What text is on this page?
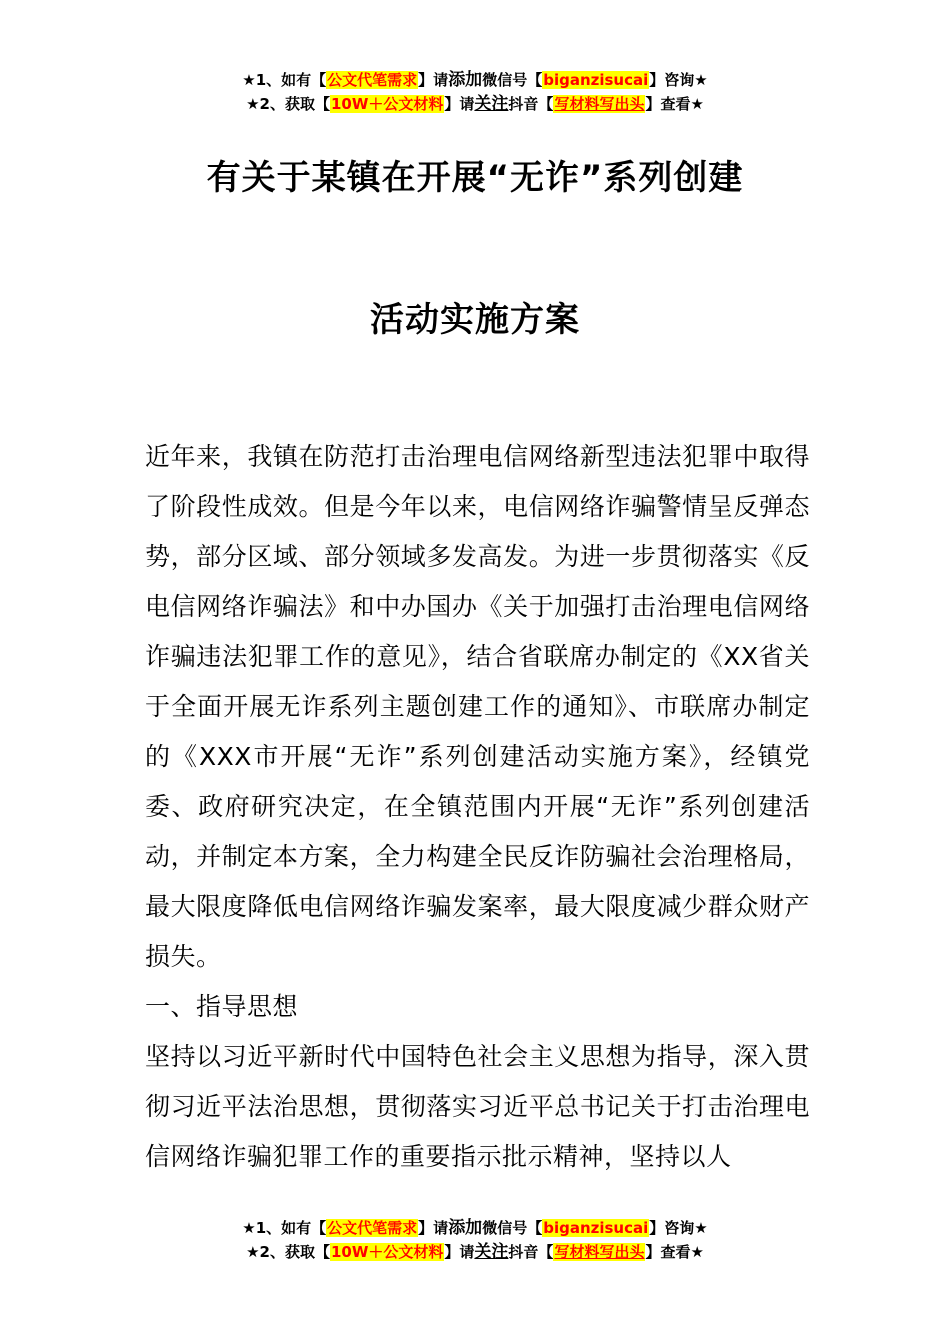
★1、如有【公文代笔需求】请添加微信号【biganzisucai】咨询★
★2、获取【10W＋公文材料】请关注抖音【写材料写出头】查看★
有关于某镇在开展“无诈”系列创建
活动实施方案

近年来，我镇在防范打击治理电信网络新型违法犯罪中取得了阶段性成效。但是今年以来，电信网络诈骗警情呈反弹态势，部分区域、部分领域多发高发。为进一步贯彻落实《反电信网络诈骗法》和中办国办《关于加强打击治理电信网络诈骗违法犯罪工作的意见》，结合省联席办制定的《XX省关于全面开展无诈系列主题创建工作的通知》、市联席办制定的《XXX市开展“无诈”系列创建活动实施方案》，经镇党委、政府研究决定，在全镇范围内开展“无诈”系列创建活动，并制定本方案，全力构建全民反诈防骗社会治理格局，最大限度降低电信网络诈骗发案率，最大限度减少群众财产损失。

一、指导思想

坚持以习近平新时代中国特色社会主义思想为指导，深入贯彻习近平法治思想，贯彻落实习近平总书记关于打击治理电信网络诈骗犯罪工作的重要指示批示精神，坚持以人

★1、如有【公文代笔需求】请添加微信号【biganzisucai】咨询★
★2、获取【10W＋公文材料】请关注抖音【写材料写出头】查看★
